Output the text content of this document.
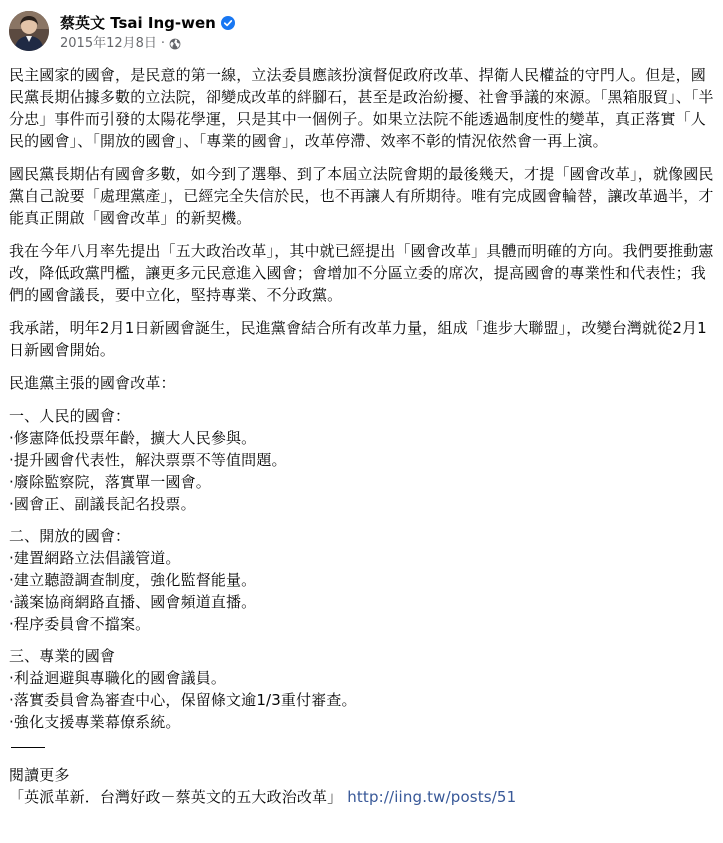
蔡英文 Tsai Ing-wen
2015年12月8日 ·

民主國家的國會，是民意的第一線，立法委員應該扮演督促政府改革、捍衛人民權益的守門人。但是，國民黨長期佔據多數的立法院，卻變成改革的絆腳石，甚至是政治紛擾、社會爭議的來源。「黑箱服貿」、「半分忠」事件而引發的太陽花學運，只是其中一個例子。如果立法院不能透過制度性的變革，真正落實「人民的國會」、「開放的國會」、「專業的國會」，改革停滯、效率不彰的情況依然會一再上演。

國民黨長期佔有國會多數，如今到了選舉、到了本屆立法院會期的最後幾天，才提「國會改革」，就像國民黨自己說要「處理黨產」，已經完全失信於民，也不再讓人有所期待。唯有完成國會輪替，讓改革過半，才能真正開啟「國會改革」的新契機。

我在今年八月率先提出「五大政治改革」，其中就已經提出「國會改革」具體而明確的方向。我們要推動憲改，降低政黨門檻，讓更多元民意進入國會；會增加不分區立委的席次，提高國會的專業性和代表性；我們的國會議長，要中立化，堅持專業、不分政黨。

我承諾，明年2月1日新國會誕生，民進黨會結合所有改革力量，組成「進步大聯盟」，改變台灣就從2月1日新國會開始。

民進黨主張的國會改革：

一、人民的國會：
‧修憲降低投票年齡，擴大人民參與。
‧提升國會代表性，解決票票不等值問題。
‧廢除監察院，落實單一國會。
‧國會正、副議長記名投票。
二、開放的國會：
‧建置網路立法倡議管道。
‧建立聽證調查制度，強化監督能量。
‧議案協商網路直播、國會頻道直播。
‧程序委員會不擋案。
三、專業的國會
‧利益迴避與專職化的國會議員。
‧落實委員會為審查中心，保留條文逾1/3重付審查。
‧強化支援專業幕僚系統。
閱讀更多
「英派革新．台灣好政－蔡英文的五大政治改革」 http://iing.tw/posts/51
